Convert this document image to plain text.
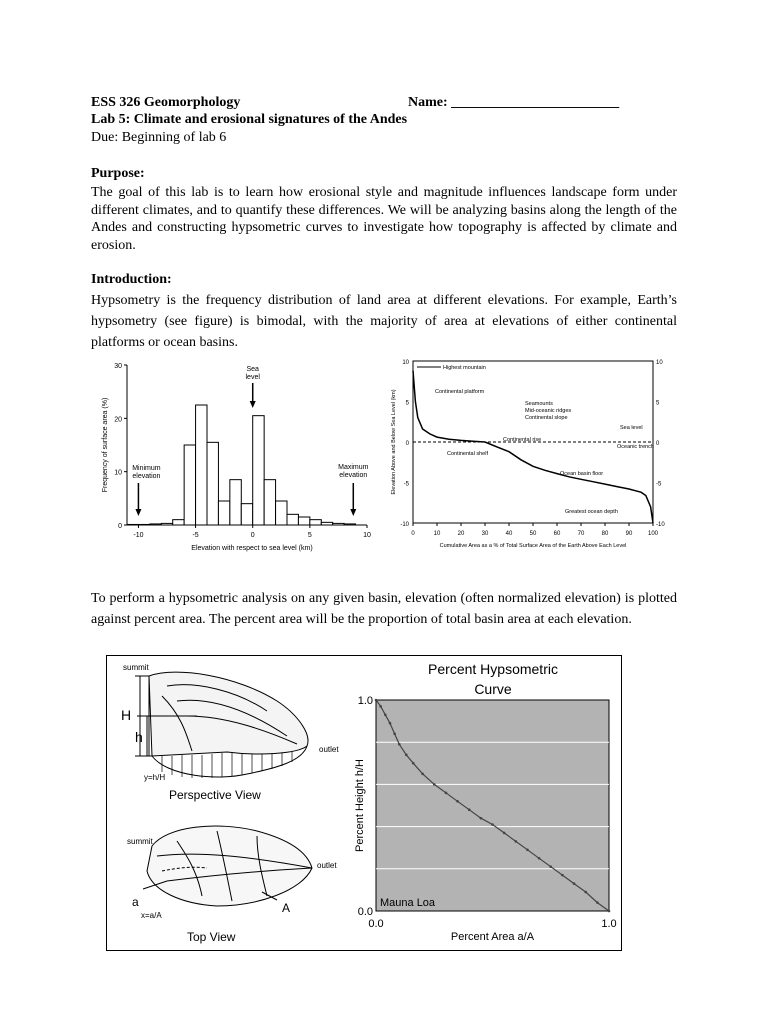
ESS 326 Geomorphology	Name: ________________________
Lab 5: Climate and erosional signatures of the Andes
Due: Beginning of lab 6
Purpose:
The goal of this lab is to learn how erosional style and magnitude influences landscape form under different climates, and to quantify these differences. We will be analyzing basins along the length of the Andes and constructing hypsometric curves to investigate how topography is affected by climate and erosion.
Introduction:
Hypsometry is the frequency distribution of land area at different elevations. For example, Earth’s hypsometry (see figure) is bimodal, with the majority of area at elevations of either continental platforms or ocean basins.
0
10
20
30
-10	-5	0	5	10
Elevation with respect to sea level (km)
Frequency of surface area (%)
Sea
level
Minimum
elevation
Maximum
elevation
10	10
5	5
0	0
-5	-5
-10	-10
0	10	20	30	40	50	60	70	80	90	100
Highest mountain
Continental platform
Seamounts
Mid-oceanic ridges
Continental slope
Sea level
Continental rise
Oceanic trench
Continental shelf
Ocean basin floor
Greatest ocean depth
Cumulative Area as a % of Total Surface Area of the Earth Above Each Level
Elevation Above and Below Sea Level (km)
To perform a hypsometric analysis on any given basin, elevation (often normalized elevation) is plotted against percent area. The percent area will be the proportion of total basin area at each elevation.
summit
H
h
outlet
y=h/H
Perspective View
summit
outlet
a	A
x=a/A
Top View
Percent Hypsometric
Curve
0.0
1.0
0.0	1.0
Percent Area a/A
Percent Height h/H
Mauna Loa
